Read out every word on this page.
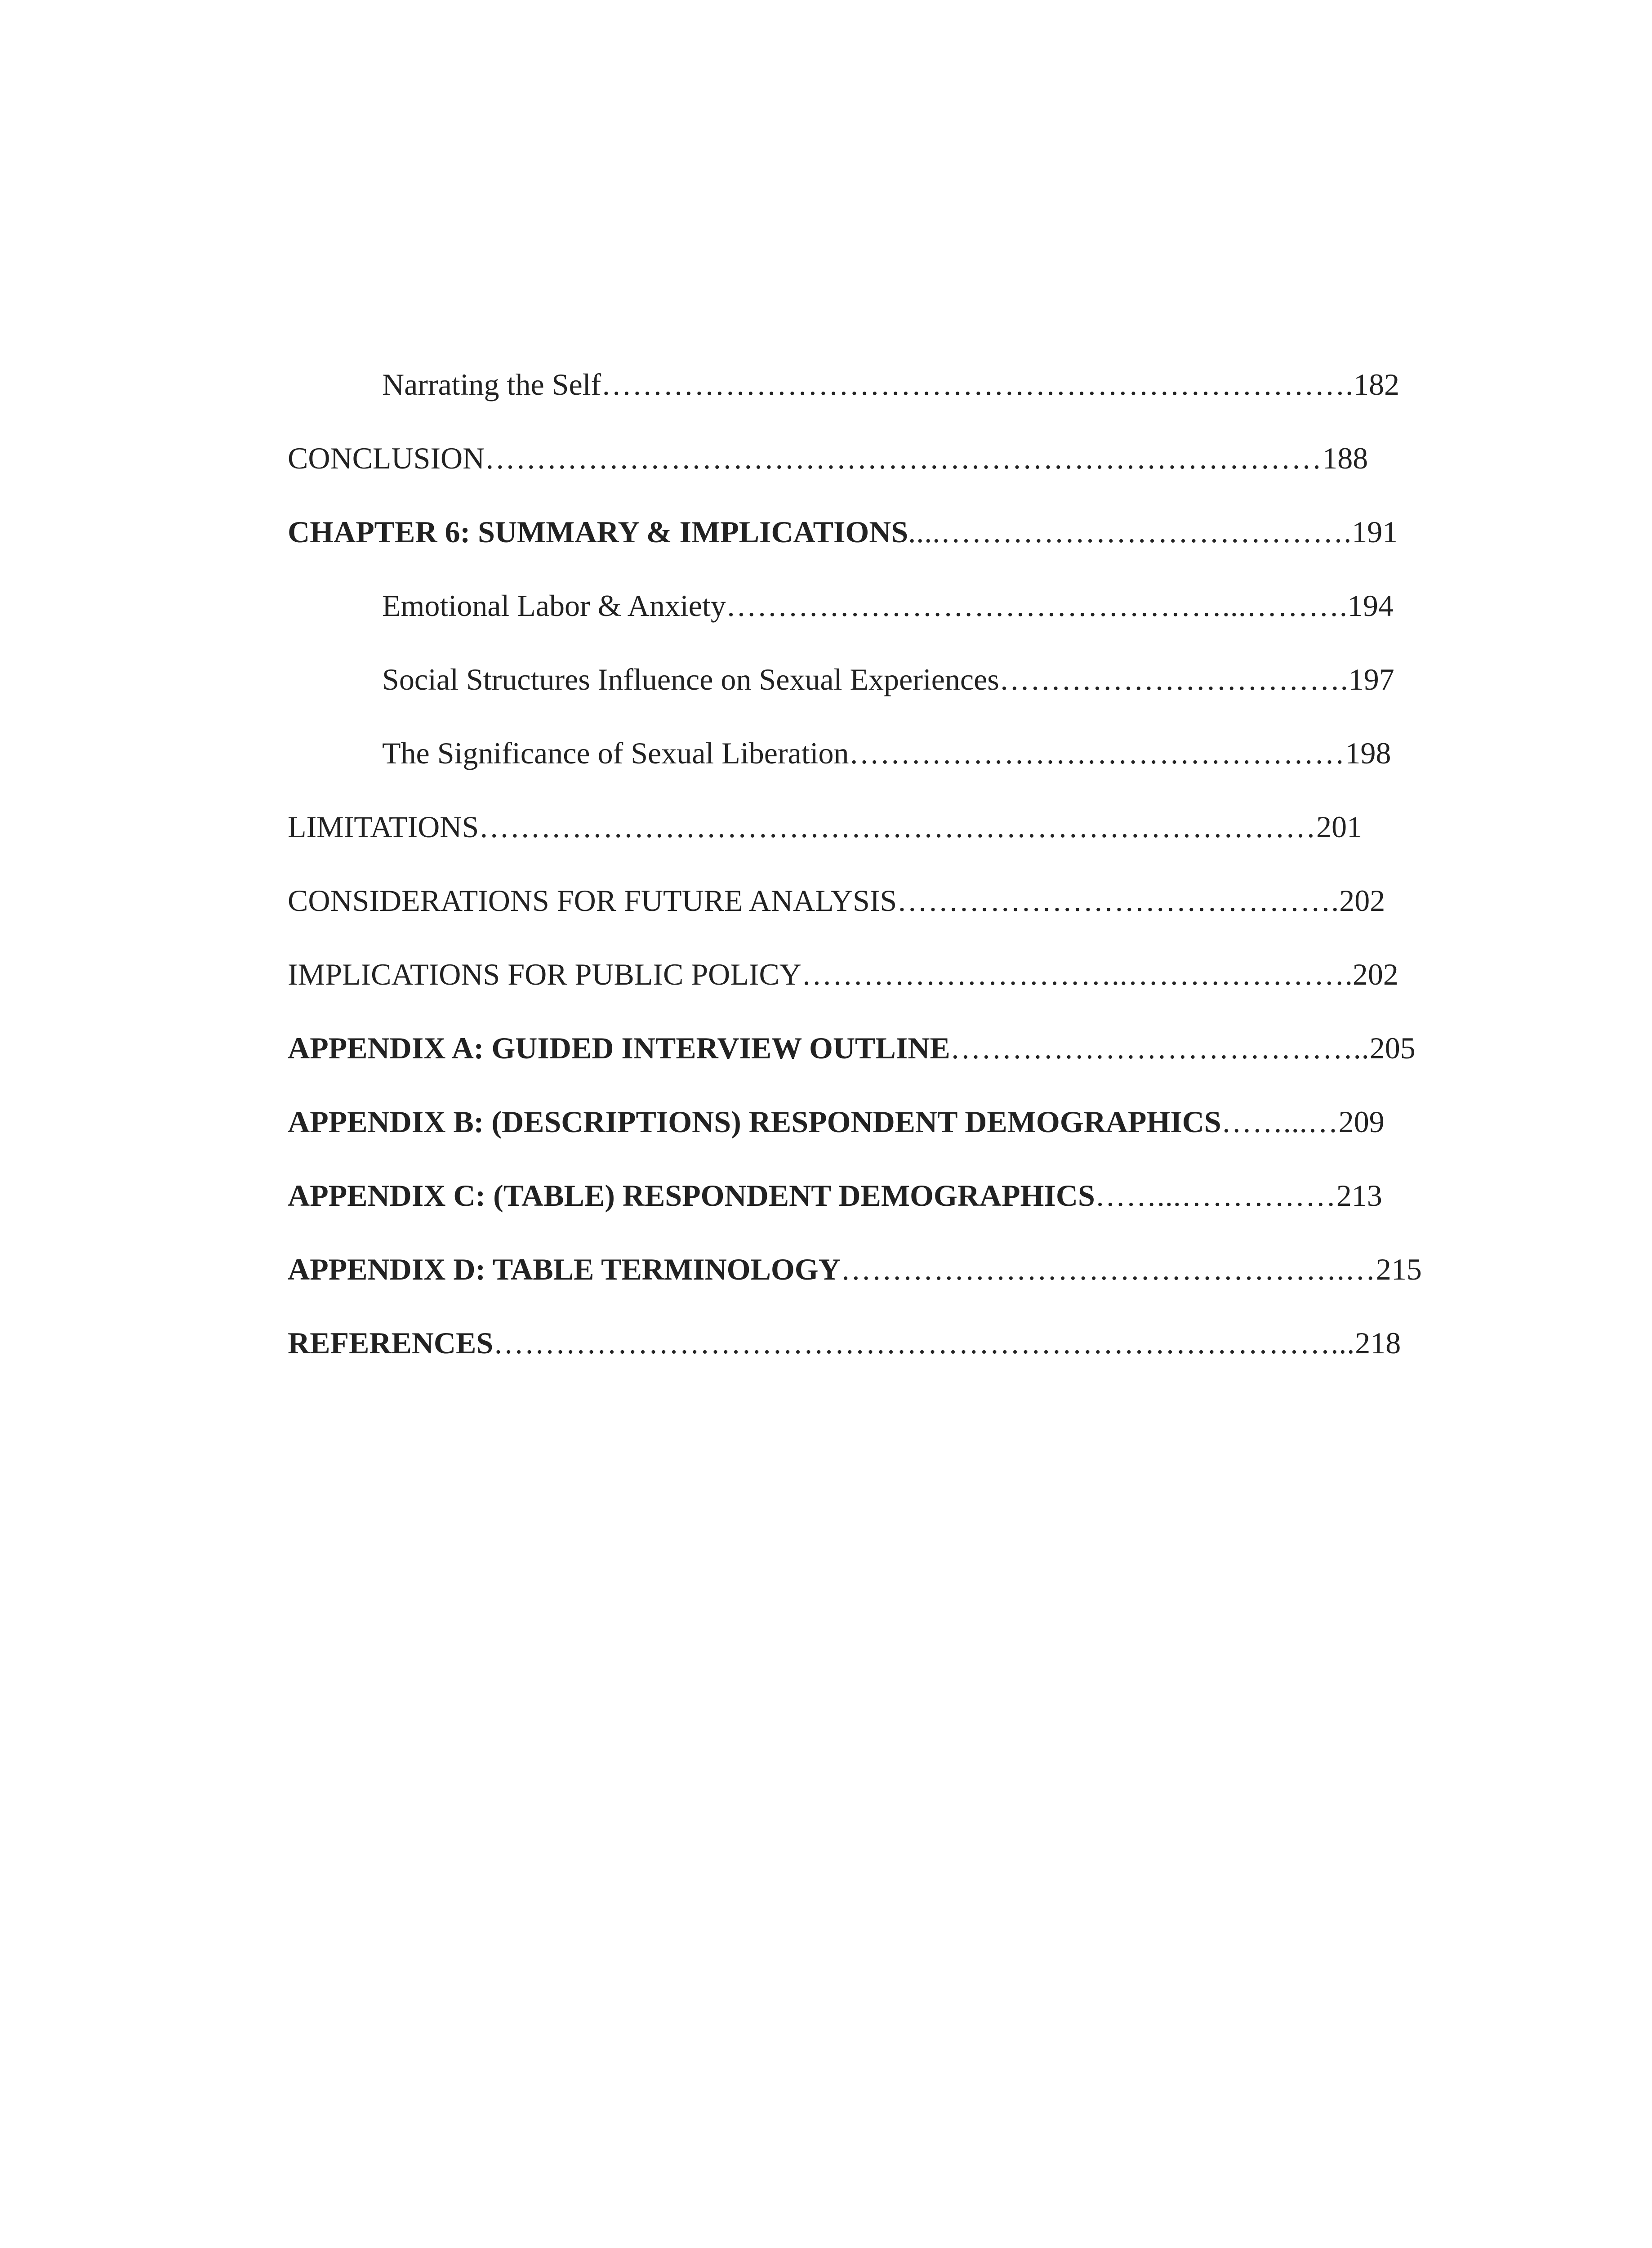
Narrating the Self……………………………………………………………….182
CONCLUSION………………………………………………………………………188
CHAPTER 6: SUMMARY & IMPLICATIONS....………………………………….191
Emotional Labor & Anxiety…………………………………………...……….194
Social Structures Influence on Sexual Experiences…………………………….197
The Significance of Sexual Liberation…………………………………………198
LIMITATIONS………………………………………………………………………201
CONSIDERATIONS FOR FUTURE ANALYSIS…………………………………….202
IMPLICATIONS FOR PUBLIC POLICY…………………………..………………….202
APPENDIX A: GUIDED INTERVIEW OUTLINE…………………………………..205
APPENDIX B: (DESCRIPTIONS) RESPONDENT DEMOGRAPHICS……...…209
APPENDIX C: (TABLE) RESPONDENT DEMOGRAPHICS……...……………213
APPENDIX D: TABLE TERMINOLOGY………………………………………….…215
REFERENCES………………………………………………………………………...218
